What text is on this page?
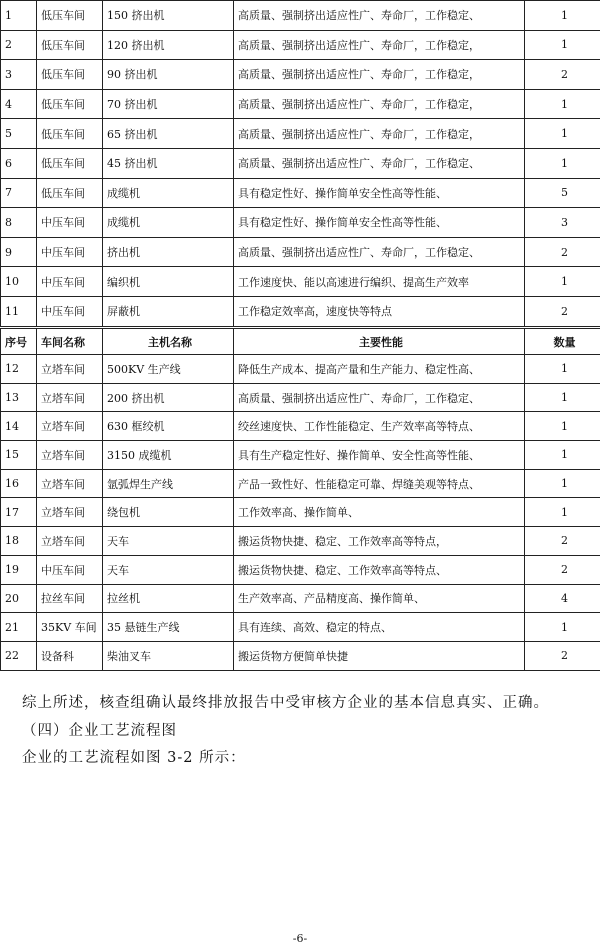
1	低压车间	150 挤出机	高质量、强制挤出适应性广、寿命厂，工作稳定、	1
2	低压车间	120 挤出机	高质量、强制挤出适应性广、寿命厂，工作稳定，	1
3	低压车间	90 挤出机	高质量、强制挤出适应性广、寿命厂，工作稳定，	2
4	低压车间	70 挤出机	高质量、强制挤出适应性广、寿命厂，工作稳定，	1
5	低压车间	65 挤出机	高质量、强制挤出适应性广、寿命厂，工作稳定，	1
6	低压车间	45 挤出机	高质量、强制挤出适应性广、寿命厂，工作稳定、	1
7	低压车间	成缆机	具有稳定性好、操作简单安全性高等性能、	5
8	中压车间	成缆机	具有稳定性好、操作简单安全性高等性能、	3
9	中压车间	挤出机	高质量、强制挤出适应性广、寿命厂，工作稳定、	2
10	中压车间	编织机	工作速度快、能以高速进行编织、提高生产效率	1
11	中压车间	屏蔽机	工作稳定效率高，速度快等特点	2
序号	车间名称	主机名称	主要性能	数量
12	立塔车间	500KV 生产线	降低生产成本、提高产量和生产能力、稳定性高、	1
13	立塔车间	200 挤出机	高质量、强制挤出适应性广、寿命厂，工作稳定、	1
14	立塔车间	630 框绞机	绞丝速度快、工作性能稳定、生产效率高等特点、	1
15	立塔车间	3150 成缆机	具有生产稳定性好、操作简单、安全性高等性能、	1
16	立塔车间	氩弧焊生产线	产品一致性好、性能稳定可靠、焊缝美观等特点、	1
17	立塔车间	绕包机	工作效率高、操作简单、	1
18	立塔车间	天车	搬运货物快捷、稳定、工作效率高等特点，	2
19	中压车间	天车	搬运货物快捷、稳定、工作效率高等特点、	2
20	拉丝车间	拉丝机	生产效率高、产品精度高、操作简单、	4
21	35KV 车间	35 悬链生产线	具有连续、高效、稳定的特点、	1
22	设备科	柴油叉车	搬运货物方便简单快捷	2
综上所述，核查组确认最终排放报告中受审核方企业的基本信息真实、正确。
（四）企业工艺流程图
企业的工艺流程如图 3-2 所示：
-6-
